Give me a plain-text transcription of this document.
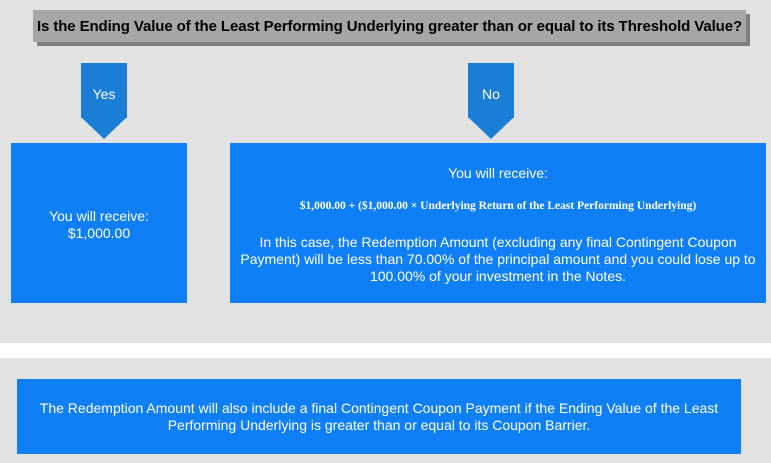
Is the Ending Value of the Least Performing Underlying greater than or equal to its Threshold Value?
Yes	No
You will receive:
$1,000.00
You will receive:
$1,000.00 + ($1,000.00 × Underlying Return of the Least Performing Underlying)
In this case, the Redemption Amount (excluding any final Contingent Coupon Payment) will be less than 70.00% of the principal amount and you could lose up to 100.00% of your investment in the Notes.
The Redemption Amount will also include a final Contingent Coupon Payment if the Ending Value of the Least Performing Underlying is greater than or equal to its Coupon Barrier.
